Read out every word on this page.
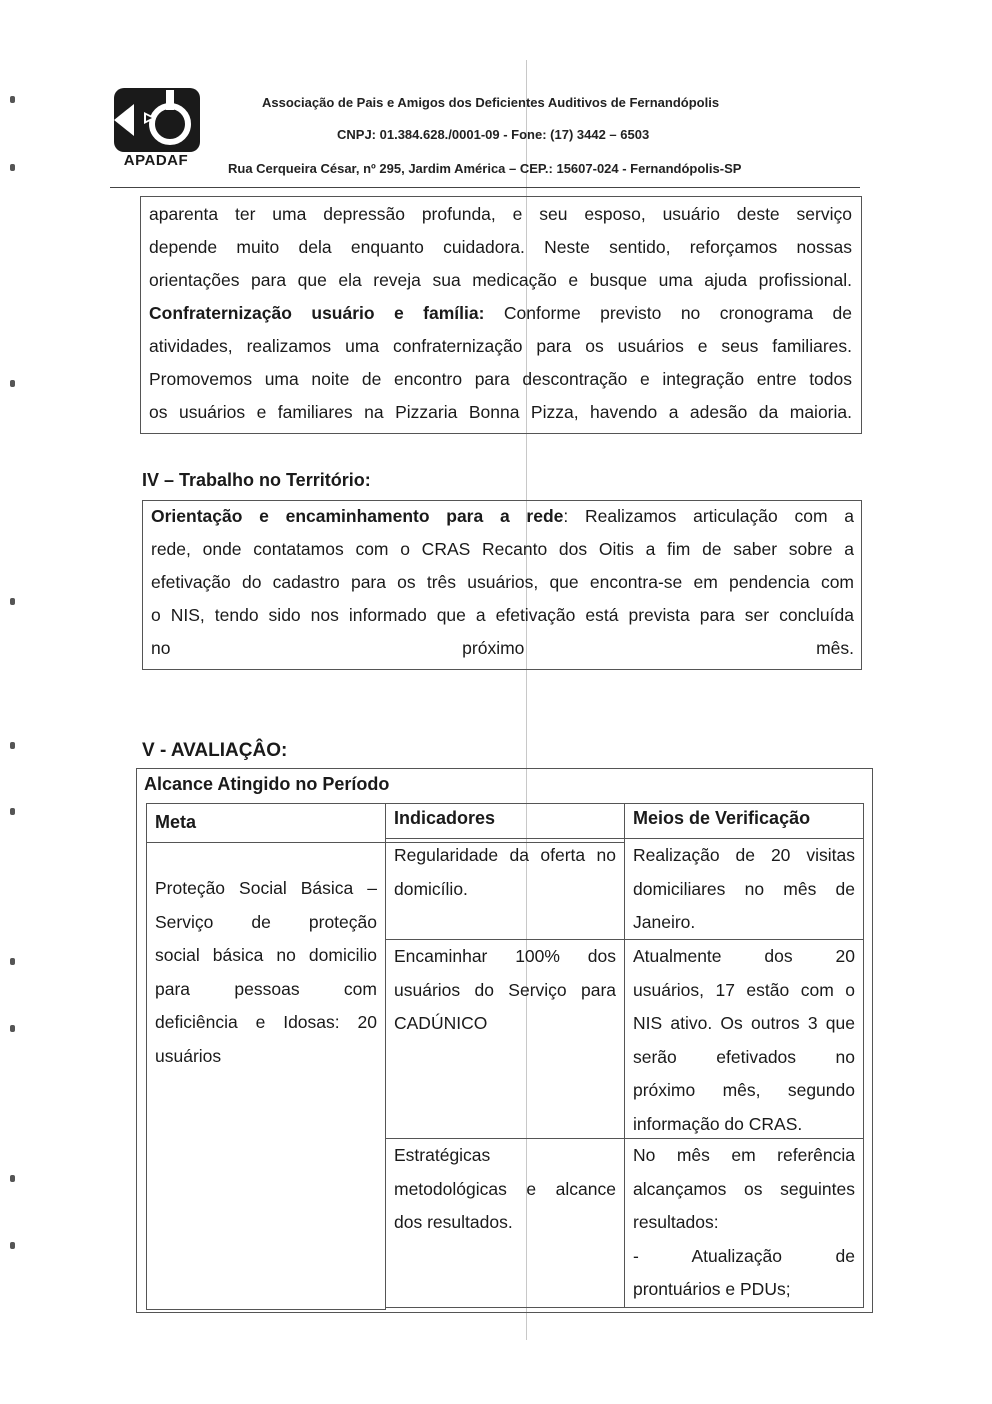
APADAF
Associação de Pais e Amigos dos Deficientes Auditivos de Fernandópolis
CNPJ: 01.384.628./0001-09 - Fone: (17) 3442 – 6503
Rua Cerqueira César, nº 295, Jardim América – CEP.: 15607-024 - Fernandópolis-SP
aparenta ter uma depressão profunda, e seu esposo, usuário deste serviço
depende muito dela enquanto cuidadora. Neste sentido, reforçamos nossas
orientações para que ela reveja sua medicação e busque uma ajuda profissional.
Confraternização usuário e família: Conforme previsto no cronograma de
atividades, realizamos uma confraternização para os usuários e seus familiares.
Promovemos uma noite de encontro para descontração e integração entre todos
os usuários e familiares na Pizzaria Bonna Pizza, havendo a adesão da maioria.
IV – Trabalho no Território:
Orientação e encaminhamento para a rede: Realizamos articulação com a
rede, onde contatamos com o CRAS Recanto dos Oitis a fim de saber sobre a
efetivação do cadastro para os três usuários, que encontra-se em pendencia com
o NIS, tendo sido nos informado que a efetivação está prevista para ser concluída
no próximo mês.
V - AVALIAÇÂO:
Alcance Atingido no Período
Meta	Indicadores	Meios de Verificação
Proteção Social Básica –
Serviço de proteção
social básica no domicilio
para pessoas com
deficiência e Idosas: 20
usuários
Regularidade da oferta no
domicílio.
Realização de 20 visitas
domiciliares no mês de
Janeiro.
Encaminhar 100% dos
usuários do Serviço para
CADÚNICO
Atualmente dos 20
usuários, 17 estão com o
NIS ativo. Os outros 3 que
serão efetivados no
próximo mês, segundo
informação do CRAS.
Estratégicas
metodológicas e alcance
dos resultados.
No mês em referência
alcançamos os seguintes
resultados:
- Atualização de
prontuários e PDUs;
